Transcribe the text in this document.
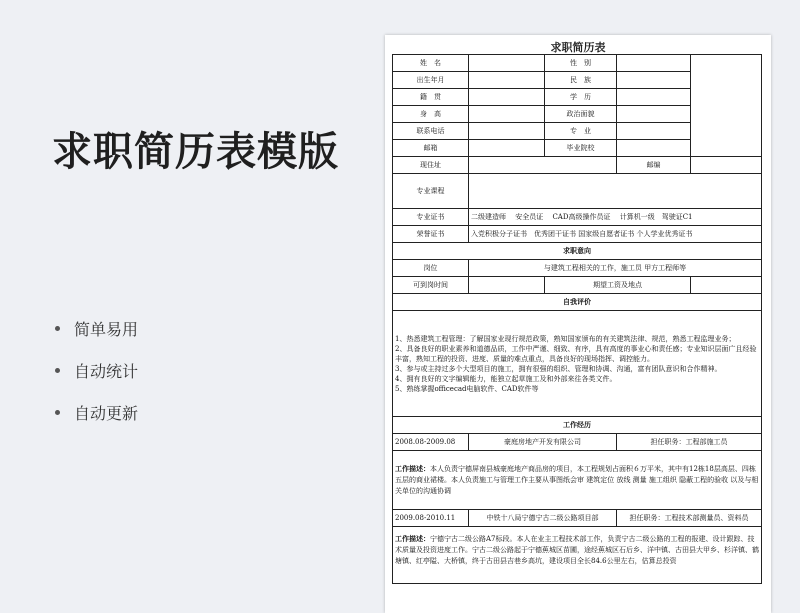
求职简历表模版
简单易用
自动统计
自动更新
求职简历表
姓　名		性　别		
出生年月		民　族		
籍　贯		学　历		
身　高		政治面貌		
联系电话		专　业		
邮箱		毕业院校		
现住址			邮编	
专业课程				
专业证书	二级建造师　 安全员证　 CAD高级操作员证　 计算机一级　驾驶证C1			
荣誉证书	入党积极分子证书　优秀团干证书 国家级自愿者证书 个人学业优秀证书			
求职意向				
岗位	与建筑工程相关的工作，施工员 甲方工程师等			
可到岗时间		期望工资及地点		
自我评价				
1、热悉建筑工程管理：了解国家业现行规范政策，熟知国家颁布的有关建筑法律、规范，熟悉工程监理业务；
2、具备良好的职业素养和道德品质，工作中严谨、细致、有序，具有高度的事业心和责任感；专业知识层面广且经验丰富，熟知工程的投资、进度、质量的难点重点，具备良好的现场指挥、调控能力。
3、参与或主持过多个大型项目的施工，拥有很强的组织、管理和协调、沟通，富有团队意识和合作精神。
4、拥有良好的文字编辑能力，能独立起草施工及和外部来往各类文件。
5、熟练掌握officecad电脑软件、CAD软件等				
工作经历				
2008.08-2009.08	豪庭房地产开发有限公司		担任职务：工程部施工员	
工作描述：本人负责宁德屏南县城豪庭地产商品房的项目，本工程规划占面积６万平米，其中有12栋18层高层、四栋五层的商业裙楼。本人负责施工与管理工作主要从事图纸会审 建筑定位 放线 测量 施工组织 隐蔽工程的验收 以及与相关单位的沟通协调				
2009.08-2010.11	中铁十八局宁德宁古二级公路项目部		担任职务：工程技术部测量员、资料员	
工作描述：宁德宁古二级公路A7标段。本人在业主工程技术部工作，负责宁古二级公路的工程的报建、设计跟踪、技术质量及投资进度工作。宁古二级公路起于宁德蕉城区苗圃，途经蕉城区石后乡、洋中镇、古田县大甲乡、杉洋镇、鹤塘镇、红亭隘、大桥镇，终于古田县吉巷乡高坑，建设项目全长84.6公里左右，估算总投资				
